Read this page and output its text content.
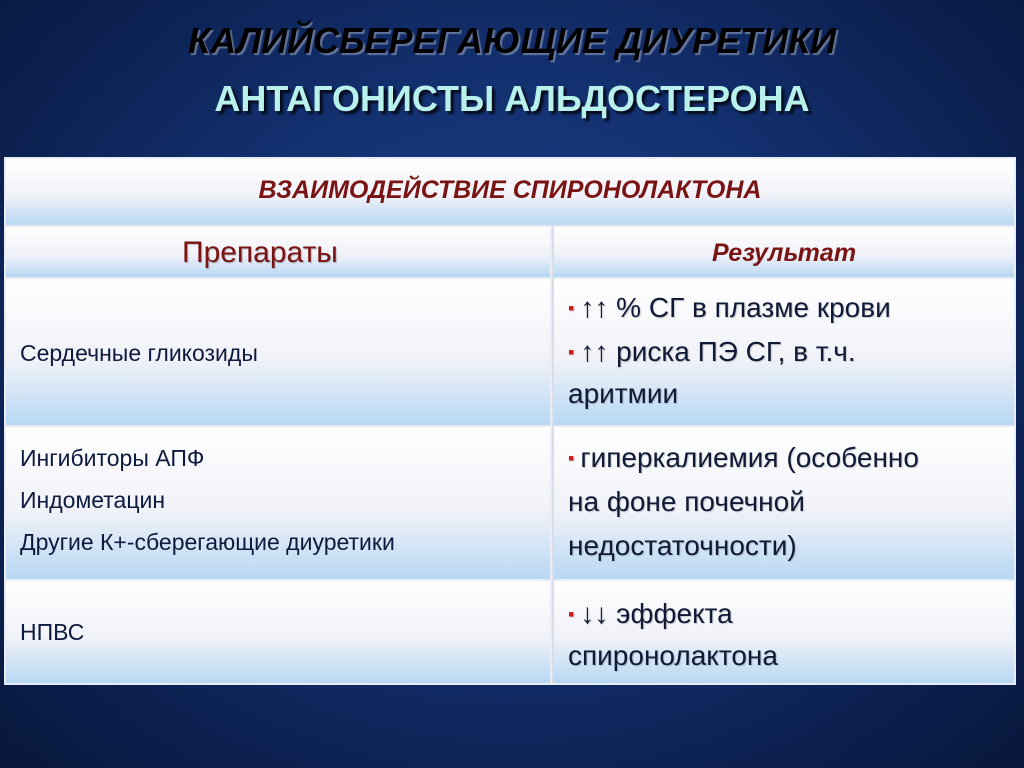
КАЛИЙСБЕРЕГАЮЩИЕ ДИУРЕТИКИ
АНТАГОНИСТЫ АЛЬДОСТЕРОНА
ВЗАИМОДЕЙСТВИЕ СПИРОНОЛАКТОНА
Препараты	Результат
Сердечные гликозиды
▪ ↑↑ % СГ в плазме крови
▪ ↑↑ риска ПЭ СГ, в т.ч.
аритмии
Ингибиторы АПФ
Индометацин
Другие К+-сберегающие диуретики
▪ гиперкалиемия (особенно
на фоне почечной
недостаточности)
НПВС
▪ ↓↓ эффекта
спиронолактона
